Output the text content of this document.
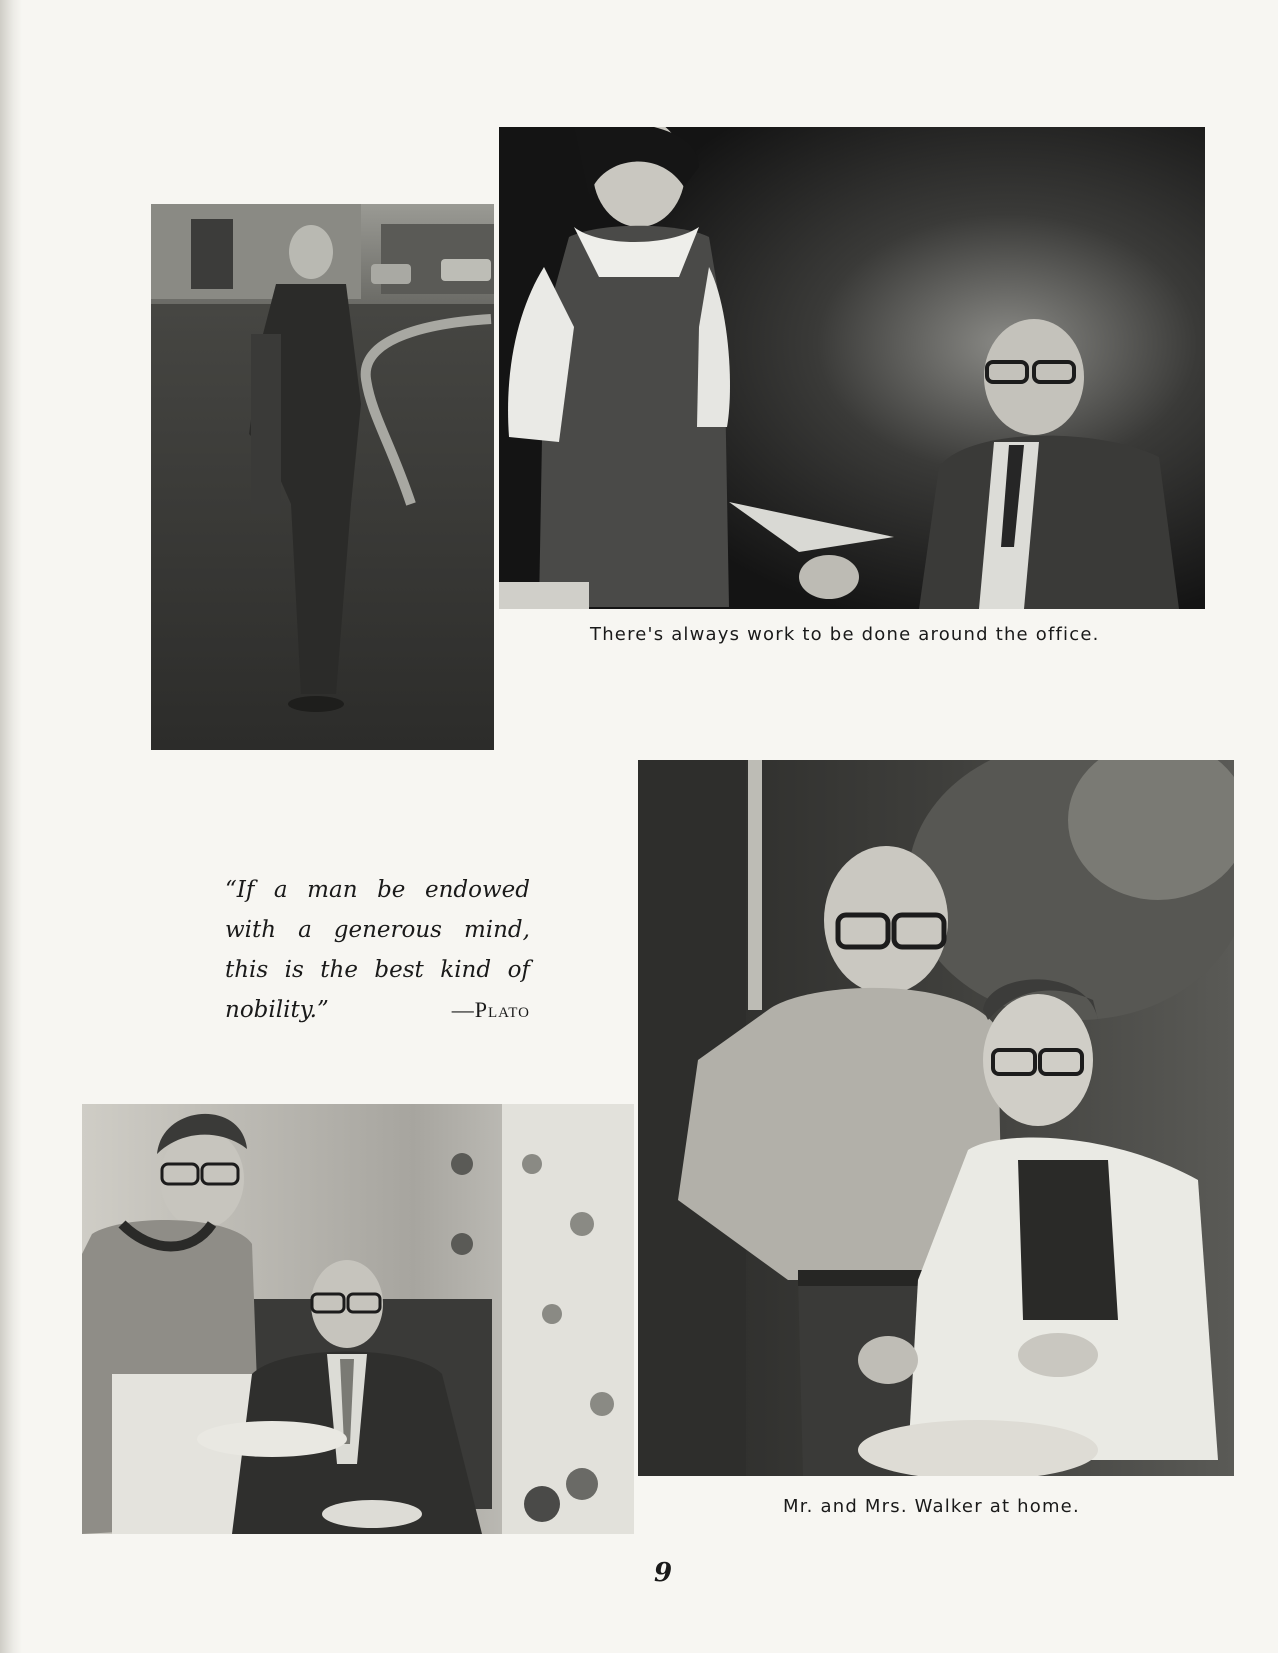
There's always work to be done around the office.
“If a man be endowed
with a generous mind,
this is the best kind of
nobility.”	—Plato
Mr. and Mrs. Walker at home.
9
